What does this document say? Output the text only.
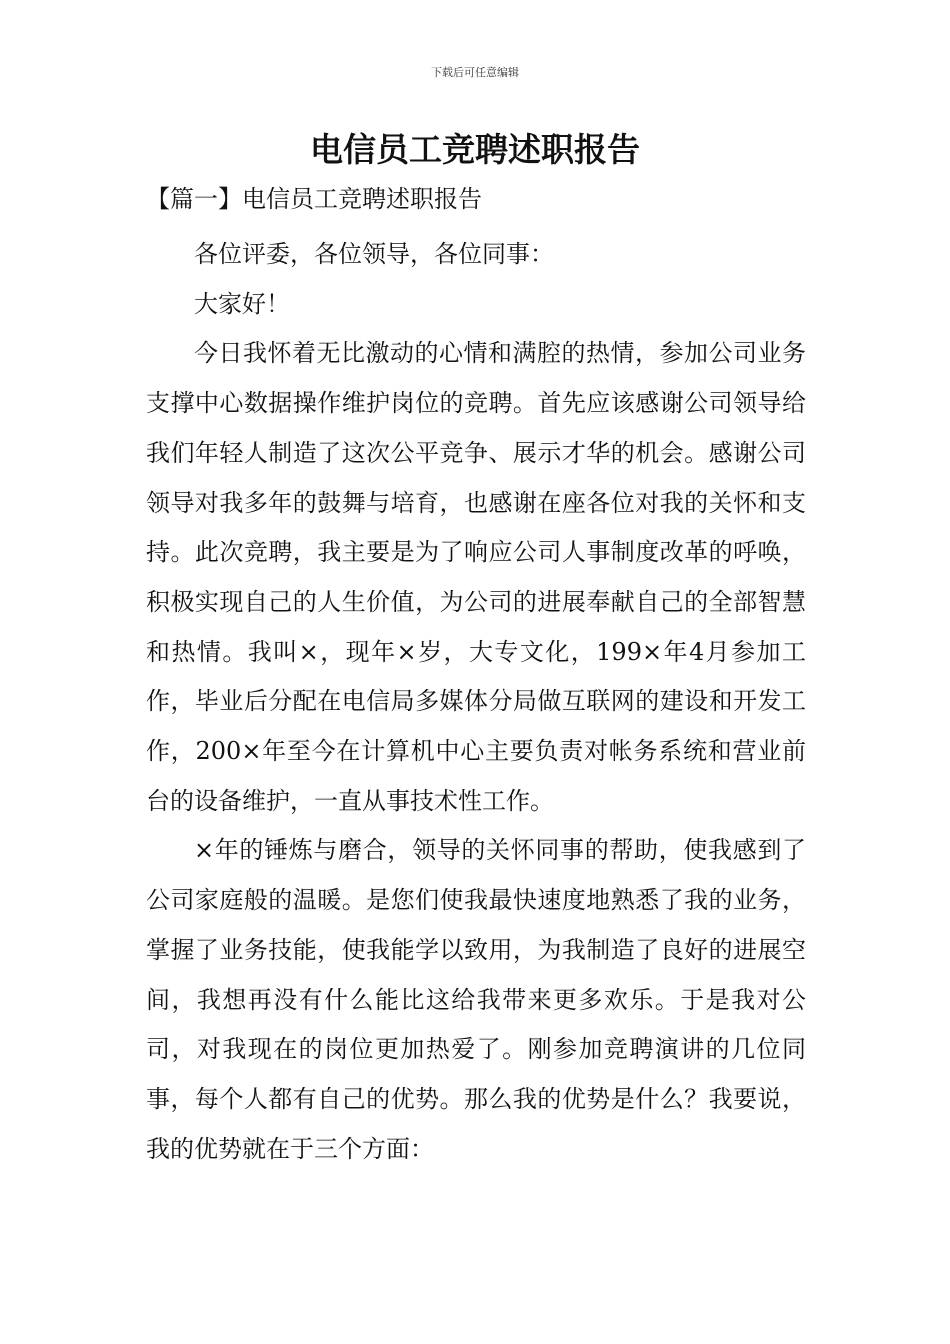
下载后可任意编辑
电信员工竞聘述职报告
【篇一】电信员工竞聘述职报告

各位评委，各位领导，各位同事：

大家好！

今日我怀着无比激动的心情和满腔的热情，参加公司业务支撑中心数据操作维护岗位的竞聘。首先应该感谢公司领导给我们年轻人制造了这次公平竞争、展示才华的机会。感谢公司领导对我多年的鼓舞与培育，也感谢在座各位对我的关怀和支持。此次竞聘，我主要是为了响应公司人事制度改革的呼唤，积极实现自己的人生价值，为公司的进展奉献自己的全部智慧和热情。我叫×，现年×岁，大专文化，199×年4月参加工作，毕业后分配在电信局多媒体分局做互联网的建设和开发工作，200×年至今在计算机中心主要负责对帐务系统和营业前台的设备维护，一直从事技术性工作。

×年的锤炼与磨合，领导的关怀同事的帮助，使我感到了公司家庭般的温暖。是您们使我最快速度地熟悉了我的业务，掌握了业务技能，使我能学以致用，为我制造了良好的进展空间，我想再没有什么能比这给我带来更多欢乐。于是我对公司，对我现在的岗位更加热爱了。刚参加竞聘演讲的几位同事，每个人都有自己的优势。那么我的优势是什么？我要说，我的优势就在于三个方面：
